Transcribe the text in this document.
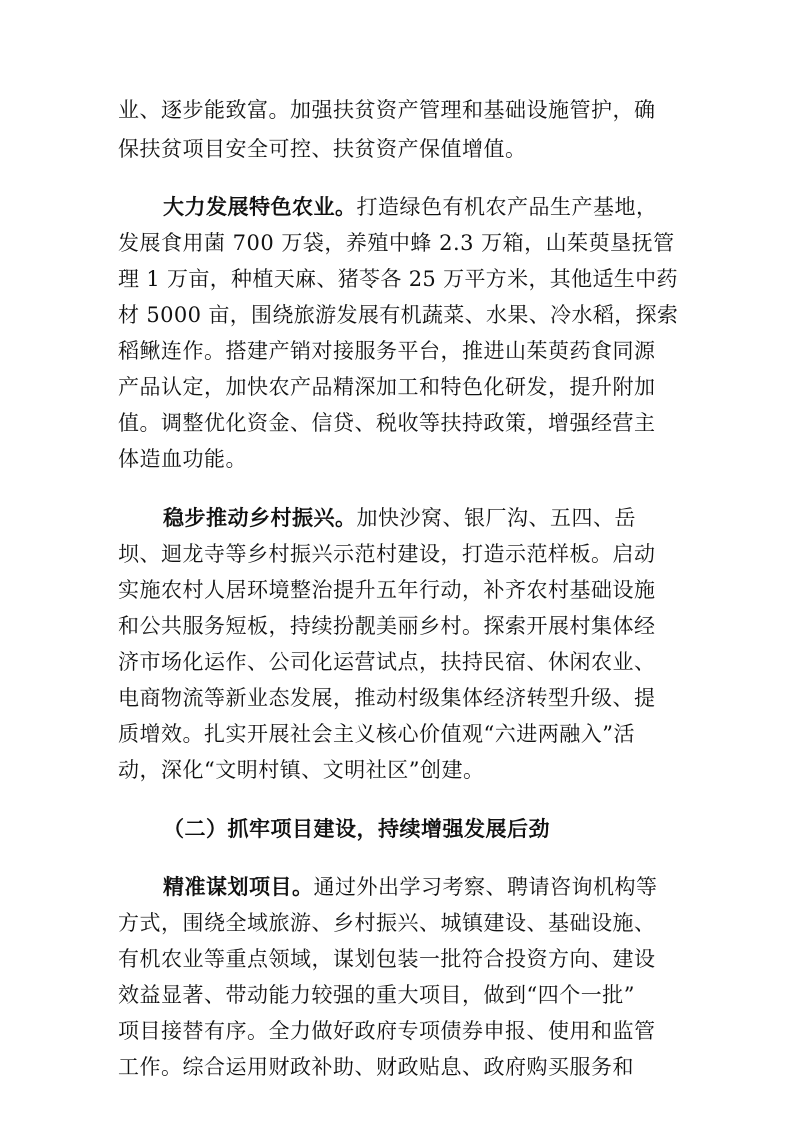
业、逐步能致富。加强扶贫资产管理和基础设施管护，确
保扶贫项目安全可控、扶贫资产保值增值。
大力发展特色农业。打造绿色有机农产品生产基地，
发展食用菌 700 万袋，养殖中蜂 2.3 万箱，山茱萸垦抚管
理 1 万亩，种植天麻、猪苓各 25 万平方米，其他适生中药
材 5000 亩，围绕旅游发展有机蔬菜、水果、冷水稻，探索
稻鳅连作。搭建产销对接服务平台，推进山茱萸药食同源
产品认定，加快农产品精深加工和特色化研发，提升附加
值。调整优化资金、信贷、税收等扶持政策，增强经营主
体造血功能。
稳步推动乡村振兴。加快沙窝、银厂沟、五四、岳
坝、迴龙寺等乡村振兴示范村建设，打造示范样板。启动
实施农村人居环境整治提升五年行动，补齐农村基础设施
和公共服务短板，持续扮靓美丽乡村。探索开展村集体经
济市场化运作、公司化运营试点，扶持民宿、休闲农业、
电商物流等新业态发展，推动村级集体经济转型升级、提
质增效。扎实开展社会主义核心价值观“六进两融入”活
动，深化“文明村镇、文明社区”创建。
（二）抓牢项目建设，持续增强发展后劲
精准谋划项目。通过外出学习考察、聘请咨询机构等
方式，围绕全域旅游、乡村振兴、城镇建设、基础设施、
有机农业等重点领域，谋划包装一批符合投资方向、建设
效益显著、带动能力较强的重大项目，做到“四个一批”
项目接替有序。全力做好政府专项债券申报、使用和监管
工作。综合运用财政补助、财政贴息、政府购买服务和
